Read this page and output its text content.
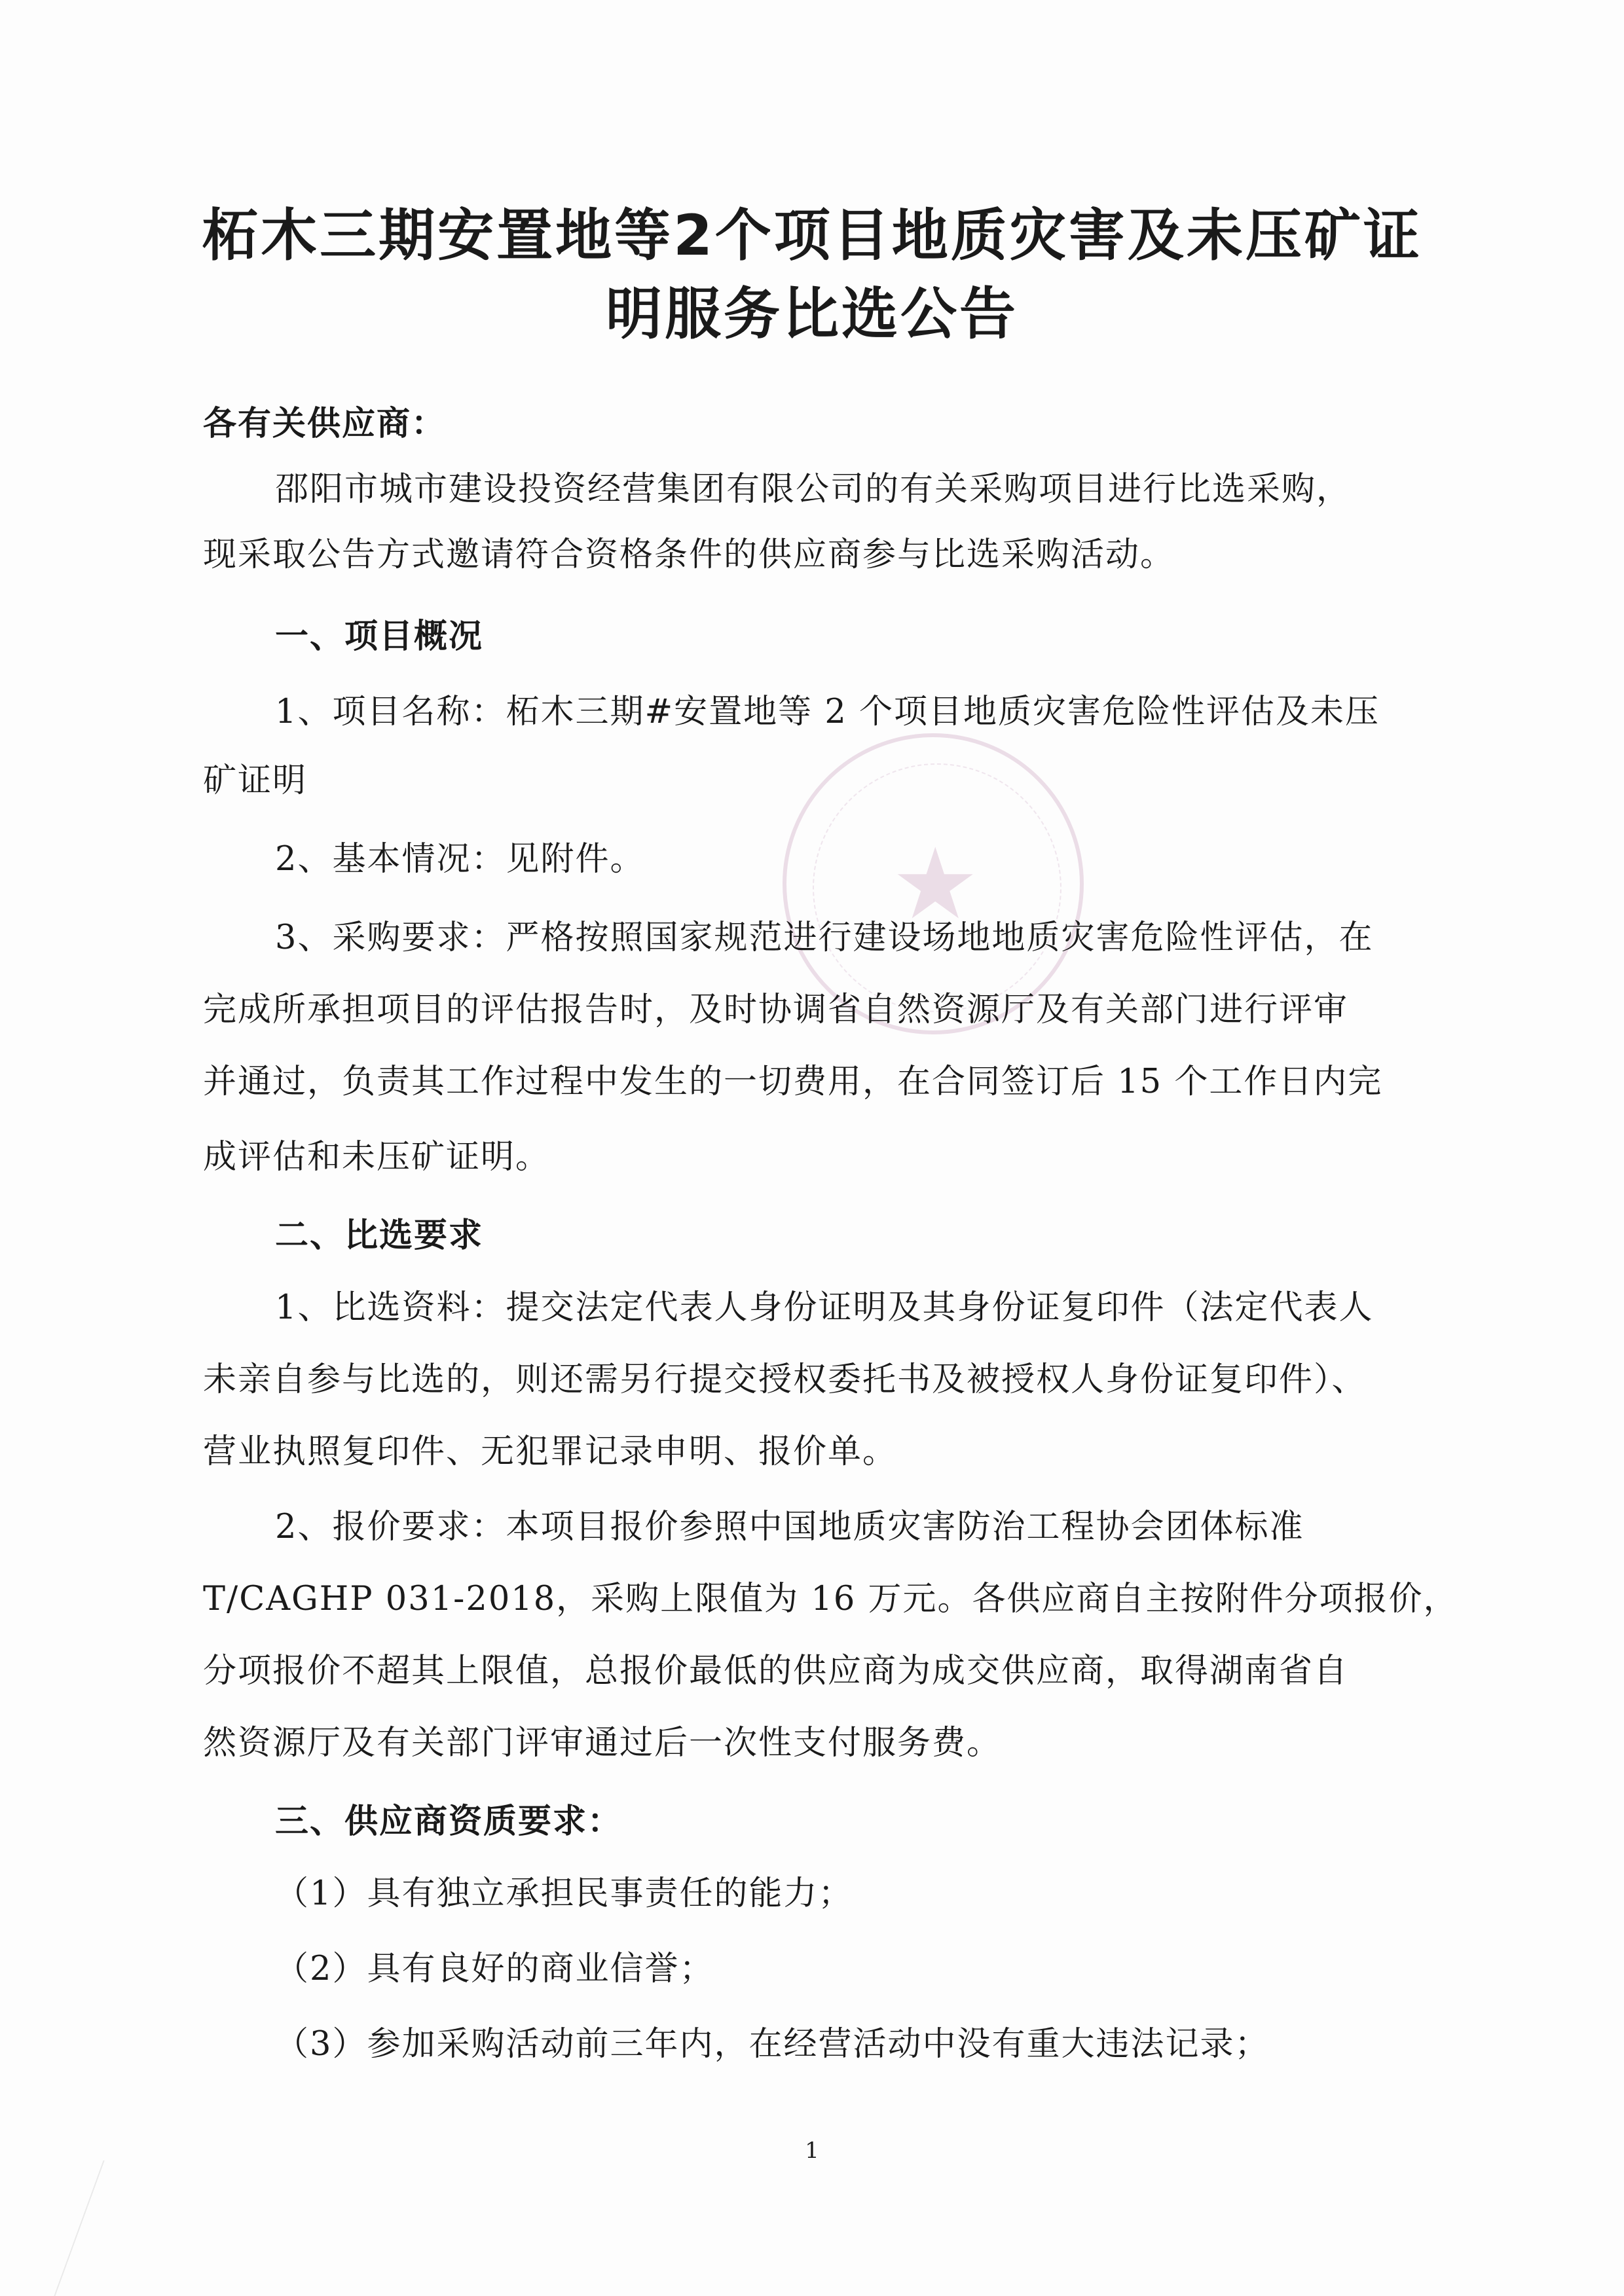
★
柘木三期安置地等2个项目地质灾害及未压矿证
明服务比选公告
各有关供应商：
邵阳市城市建设投资经营集团有限公司的有关采购项目进行比选采购，
现采取公告方式邀请符合资格条件的供应商参与比选采购活动。
一、项目概况
1、项目名称：柘木三期#安置地等 2 个项目地质灾害危险性评估及未压
矿证明
2、基本情况：见附件。
3、采购要求：严格按照国家规范进行建设场地地质灾害危险性评估，在
完成所承担项目的评估报告时，及时协调省自然资源厅及有关部门进行评审
并通过，负责其工作过程中发生的一切费用，在合同签订后 15 个工作日内完
成评估和未压矿证明。
二、比选要求
1、比选资料：提交法定代表人身份证明及其身份证复印件（法定代表人
未亲自参与比选的，则还需另行提交授权委托书及被授权人身份证复印件）、
营业执照复印件、无犯罪记录申明、报价单。
2、报价要求：本项目报价参照中国地质灾害防治工程协会团体标准
T/CAGHP 031-2018，采购上限值为 16 万元。各供应商自主按附件分项报价，
分项报价不超其上限值，总报价最低的供应商为成交供应商，取得湖南省自
然资源厅及有关部门评审通过后一次性支付服务费。
三、供应商资质要求：
（1）具有独立承担民事责任的能力；
（2）具有良好的商业信誉；
（3）参加采购活动前三年内，在经营活动中没有重大违法记录；
1
